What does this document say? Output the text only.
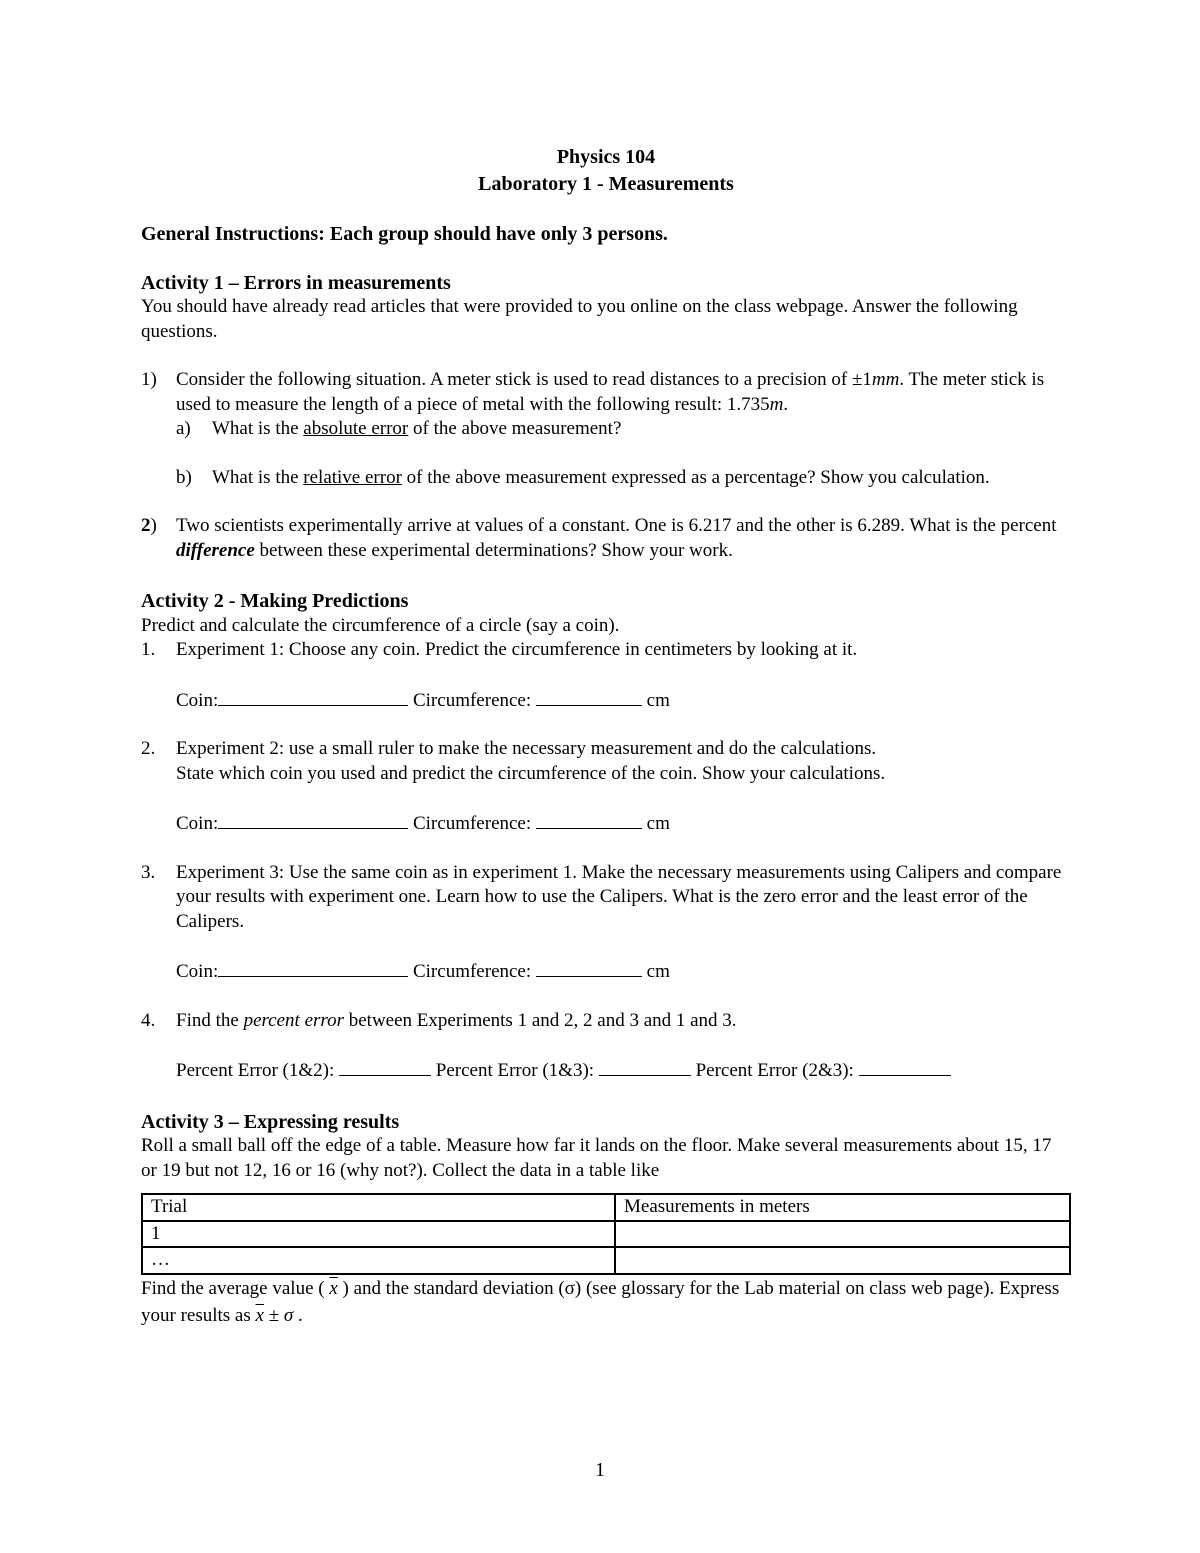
Physics 104
Laboratory 1 - Measurements

General Instructions: Each group should have only 3 persons.

Activity 1 – Errors in measurements

You should have already read articles that were provided to you online on the class webpage. Answer the following questions.

1) Consider the following situation. A meter stick is used to read distances to a precision of ±1mm. The meter stick is used to measure the length of a piece of metal with the following result: 1.735m.
a) What is the absolute error of the above measurement?
b) What is the relative error of the above measurement expressed as a percentage? Show you calculation.
2) Two scientists experimentally arrive at values of a constant. One is 6.217 and the other is 6.289. What is the percent difference between these experimental determinations? Show your work.

Activity 2 - Making Predictions

Predict and calculate the circumference of a circle (say a coin).

1. Experiment 1: Choose any coin. Predict the circumference in centimeters by looking at it.
Coin:	Circumference:	cm
2. Experiment 2: use a small ruler to make the necessary measurement and do the calculations.
State which coin you used and predict the circumference of the coin. Show your calculations.
Coin:	Circumference:	cm
3. Experiment 3: Use the same coin as in experiment 1. Make the necessary measurements using Calipers and compare your results with experiment one. Learn how to use the Calipers. What is the zero error and the least error of the Calipers.
Coin:	Circumference:	cm
4. Find the percent error between Experiments 1 and 2, 2 and 3 and 1 and 3.
Percent Error (1&2):	Percent Error (1&3):	Percent Error (2&3):

Activity 3 – Expressing results

Roll a small ball off the edge of a table. Measure how far it lands on the floor. Make several measurements about 15, 17 or 19 but not 12, 16 or 16 (why not?). Collect the data in a table like

Trial	Measurements in meters
1	
…	

Find the average value ( $\overline{x}$ ) and the standard deviation (σ) (see glossary for the Lab material on class web page). Express your results as $\overline{x} \pm \sigma$ .

1
